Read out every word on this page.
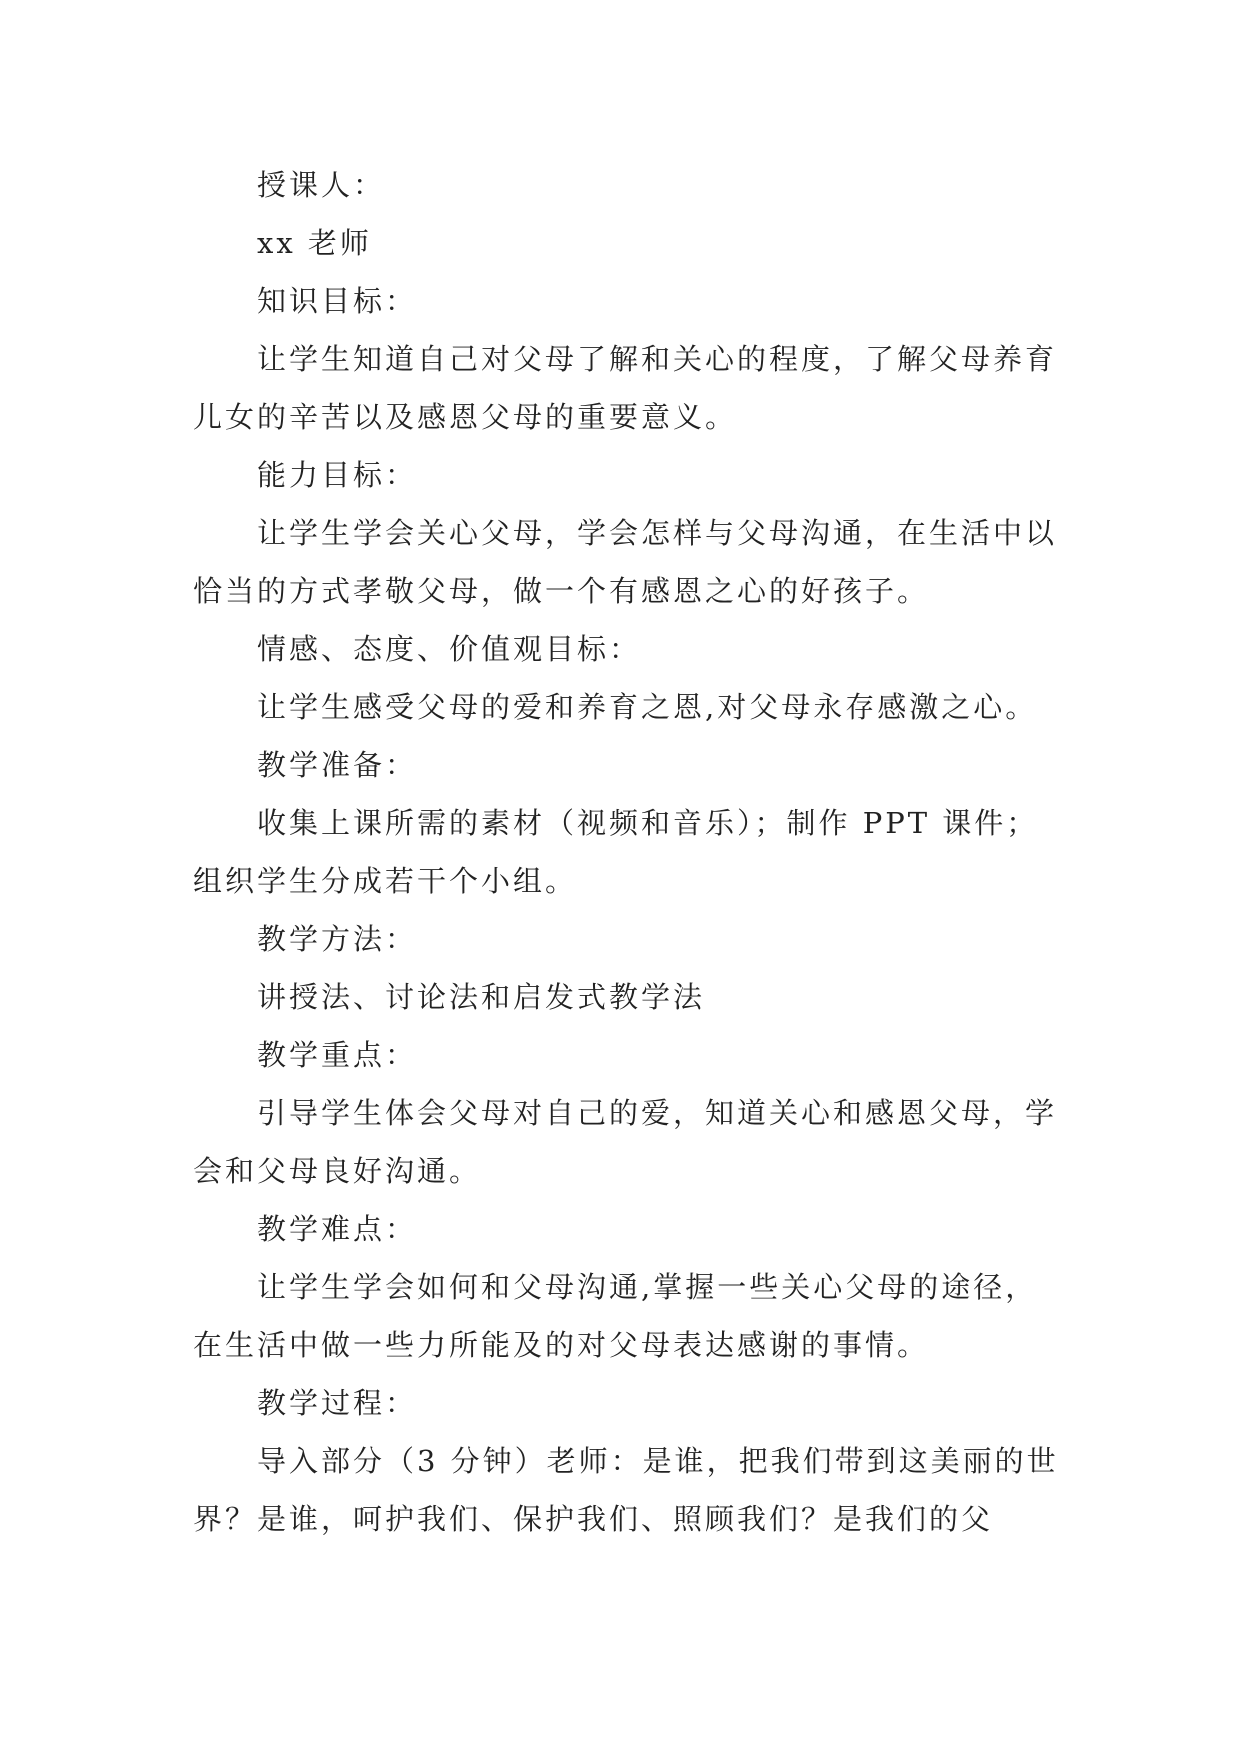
授课人：

xx 老师

知识目标：

让学生知道自己对父母了解和关心的程度，了解父母养育儿女的辛苦以及感恩父母的重要意义。

能力目标：

让学生学会关心父母，学会怎样与父母沟通，在生活中以恰当的方式孝敬父母，做一个有感恩之心的好孩子。

情感、态度、价值观目标：

让学生感受父母的爱和养育之恩,对父母永存感激之心。

教学准备：

收集上课所需的素材（视频和音乐）；制作 PPT 课件；组织学生分成若干个小组。

教学方法：

讲授法、讨论法和启发式教学法

教学重点：

引导学生体会父母对自己的爱，知道关心和感恩父母，学会和父母良好沟通。

教学难点：

让学生学会如何和父母沟通,掌握一些关心父母的途径，在生活中做一些力所能及的对父母表达感谢的事情。

教学过程：

导入部分（3 分钟）老师：是谁，把我们带到这美丽的世界？是谁，呵护我们、保护我们、照顾我们？是我们的父
